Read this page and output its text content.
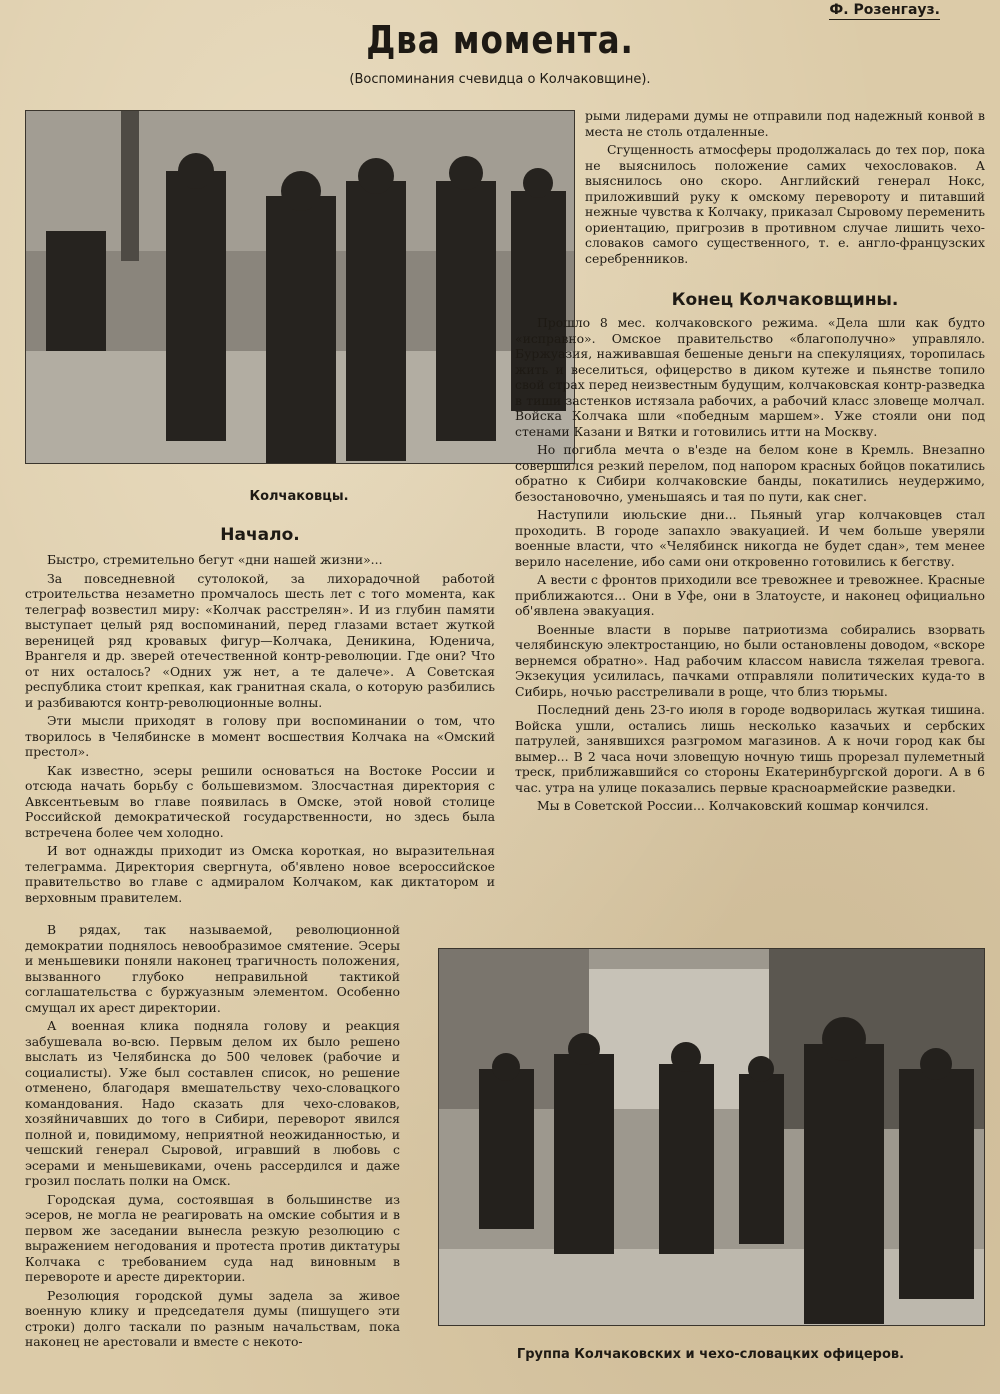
Ф. Розенгауз.
Два момента.
(Воспоминания счевидца о Колчаковщине).
Колчаковцы.
Начало.

Быстро, стремительно бегут «дни нашей жизни»...

За повседневной сутолокой, за лихорадочной работой строительства незаметно промчалось шесть лет с того момента, как телеграф возвестил миру: «Колчак расстрелян». И из глубин памяти выступает целый ряд воспоминаний, перед глазами встает жуткой вереницей ряд кровавых фигур—Колчака, Деникина, Юденича, Врангеля и др. зверей отечественной контр-революции. Где они? Что от них осталось? «Одних уж нет, а те далече». А Советская республика стоит крепкая, как гранитная скала, о которую разбились и разбиваются контр-революционные волны.

Эти мысли приходят в голову при воспоминании о том, что творилось в Челябинске в момент восшествия Колчака на «Омский престол».

Как известно, эсеры решили основаться на Востоке России и отсюда начать борьбу с большевизмом. Злосчастная директория с Авксентьевым во главе появилась в Омске, этой новой столице Российской демократической государственности, но здесь была встречена более чем холодно.

И вот однажды приходит из Омска короткая, но выразительная телеграмма. Директория свергнута, об'явлено новое всероссийское правительство во главе с адмиралом Колчаком, как диктатором и верховным правителем.

В рядах, так называемой, революционной демократии поднялось невообразимое смятение. Эсеры и меньшевики поняли наконец трагичность положения, вызванного глубоко неправильной тактикой соглашательства с буржуазным элементом. Особенно смущал их арест директории.

А военная клика подняла голову и реакция забушевала во-всю. Первым делом их было решено выслать из Челябинска до 500 человек (рабочие и социалисты). Уже был составлен список, но решение отменено, благодаря вмешательству чехо-словацкого командования. Надо сказать для чехо-словаков, хозяйничавших до того в Сибири, переворот явился полной и, повидимому, неприятной неожиданностью, и чешский генерал Сыровой, игравший в любовь с эсерами и меньшевиками, очень рассердился и даже грозил послать полки на Омск.

Городская дума, состоявшая в большинстве из эсеров, не могла не реагировать на омские события и в первом же заседании вынесла резкую резолюцию с выражением негодования и протеста против диктатуры Колчака с требованием суда над виновным в перевороте и аресте директории.

Резолюция городской думы задела за живое военную клику и председателя думы (пишущего эти строки) долго таскали по разным начальствам, пока наконец не арестовали и вместе с некото-

рыми лидерами думы не отправили под надежный конвой в места не столь отдаленные.

Сгущенность атмосферы продолжалась до тех пор, пока не выяснилось положение самих чехословаков. А выяснилось оно скоро. Английский генерал Нокс, приложивший руку к омскому перевороту и питавший нежные чувства к Колчаку, приказал Сыровому переменить ориентацию, пригрозив в противном случае лишить чехо-словаков самого существенного, т. е. англо-французских серебренников.

Конец Колчаковщины.

Прошло 8 мес. колчаковского режима. «Дела шли как будто «исправно». Омское правительство «благополучно» управляло. Буржуазия, наживавшая бешеные деньги на спекуляциях, торопилась жить и веселиться, офицерство в диком кутеже и пьянстве топило свой страх перед неизвестным будущим, колчаковская контр-разведка в тиши застенков истязала рабочих, а рабочий класс зловеще молчал. Войска Колчака шли «победным маршем». Уже стояли они под стенами Казани и Вятки и готовились итти на Москву.

Но погибла мечта о в'езде на белом коне в Кремль. Внезапно совершился резкий перелом, под напором красных бойцов покатились обратно к Сибири колчаковские банды, покатились неудержимо, безостановочно, уменьшаясь и тая по пути, как снег.

Наступили июльские дни... Пьяный угар колчаковцев стал проходить. В городе запахло эвакуацией. И чем больше уверяли военные власти, что «Челябинск никогда не будет сдан», тем менее верило население, ибо сами они откровенно готовились к бегству.

А вести с фронтов приходили все тревожнее и тревожнее. Красные приближаются... Они в Уфе, они в Златоусте, и наконец официально об'явлена эвакуация.

Военные власти в порыве патриотизма собирались взорвать челябинскую электростанцию, но были остановлены доводом, «вскоре вернемся обратно». Над рабочим классом нависла тяжелая тревога. Экзекуция усилилась, пачками отправляли политических куда-то в Сибирь, ночью расстреливали в роще, что близ тюрьмы.

Последний день 23-го июля в городе водворилась жуткая тишина. Войска ушли, остались лишь несколько казачьих и сербских патрулей, занявшихся разгромом магазинов. А к ночи город как бы вымер... В 2 часа ночи зловещую ночную тишь прорезал пулеметный треск, приближавшийся со стороны Екатеринбургской дороги. А в 6 час. утра на улице показались первые красноармейские разведки.

Мы в Советской России... Колчаковский кошмар кончился.

Группа Колчаковских и чехо-словацких офицеров.
